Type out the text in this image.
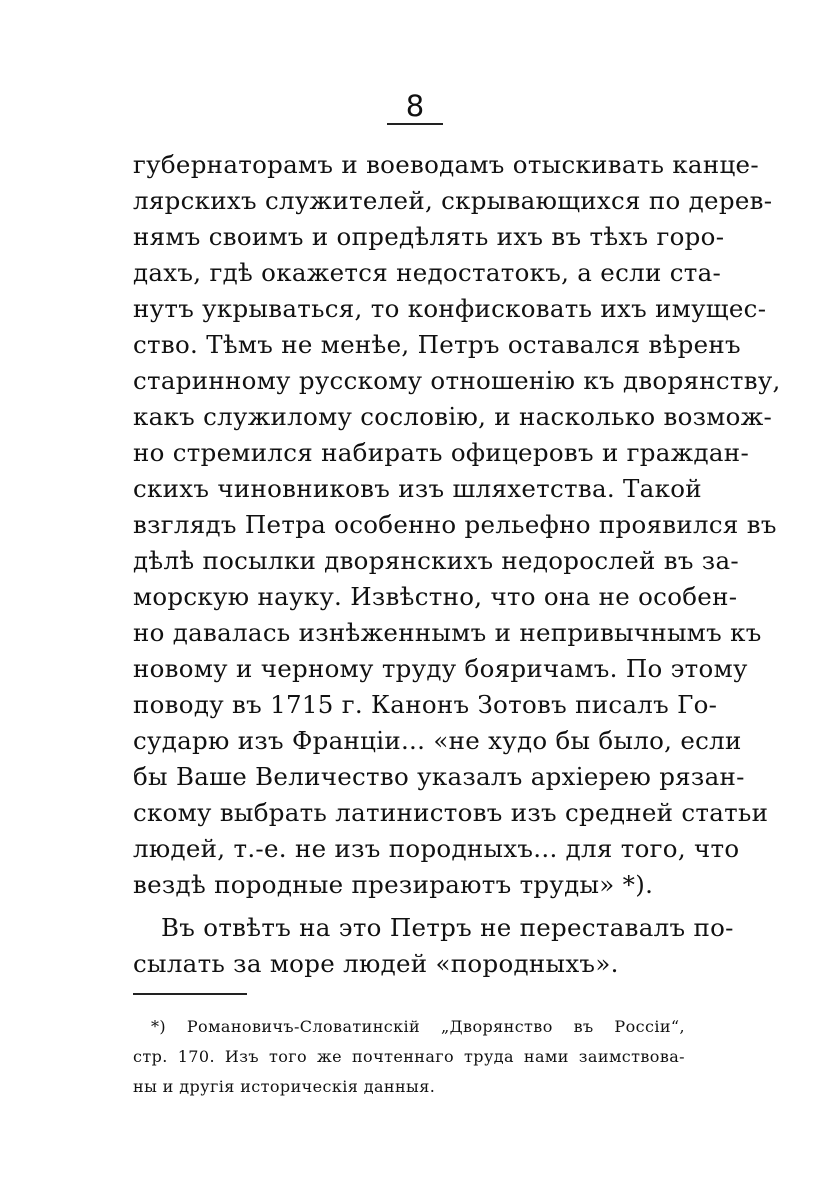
8
губернаторамъ и воеводамъ отыскивать канце-
лярскихъ служителей, скрывающихся по дерев-
нямъ своимъ и опредѣлять ихъ въ тѣхъ горо-
дахъ, гдѣ окажется недостатокъ, а если ста-
нутъ укрываться, то конфисковать ихъ имущес-
ство. Тѣмъ не менѣе, Петръ оставался вѣренъ
старинному русскому отношенiю къ дворянству,
какъ служилому сословiю, и насколько возмож-
но стремился набирать офицеровъ и граждан-
скихъ чиновниковъ изъ шляхетства. Такой
взглядъ Петра особенно рельефно проявился въ
дѣлѣ посылки дворянскихъ недорослей въ за-
морскую науку. Извѣстно, что она не особен-
но давалась изнѣженнымъ и непривычнымъ къ
новому и черному труду бояричамъ. По этому
поводу въ 1715 г. Канонъ Зотовъ писалъ Го-
сударю изъ Францiи... «не худо бы было, если
бы Ваше Величество указалъ архiерею рязан-
скому выбрать латинистовъ изъ средней статьи
людей, т.-е. не изъ породныхъ... для того, что
вездѣ породные презираютъ труды» *).
Въ отвѣтъ на это Петръ не переставалъ по-
сылать за море людей «породныхъ».
*) Романовичъ-Словатинскiй „Дворянство въ Россiи“,
стр. 170. Изъ того же почтеннаго труда нами заимствова-
ны и другiя историческiя данныя.
